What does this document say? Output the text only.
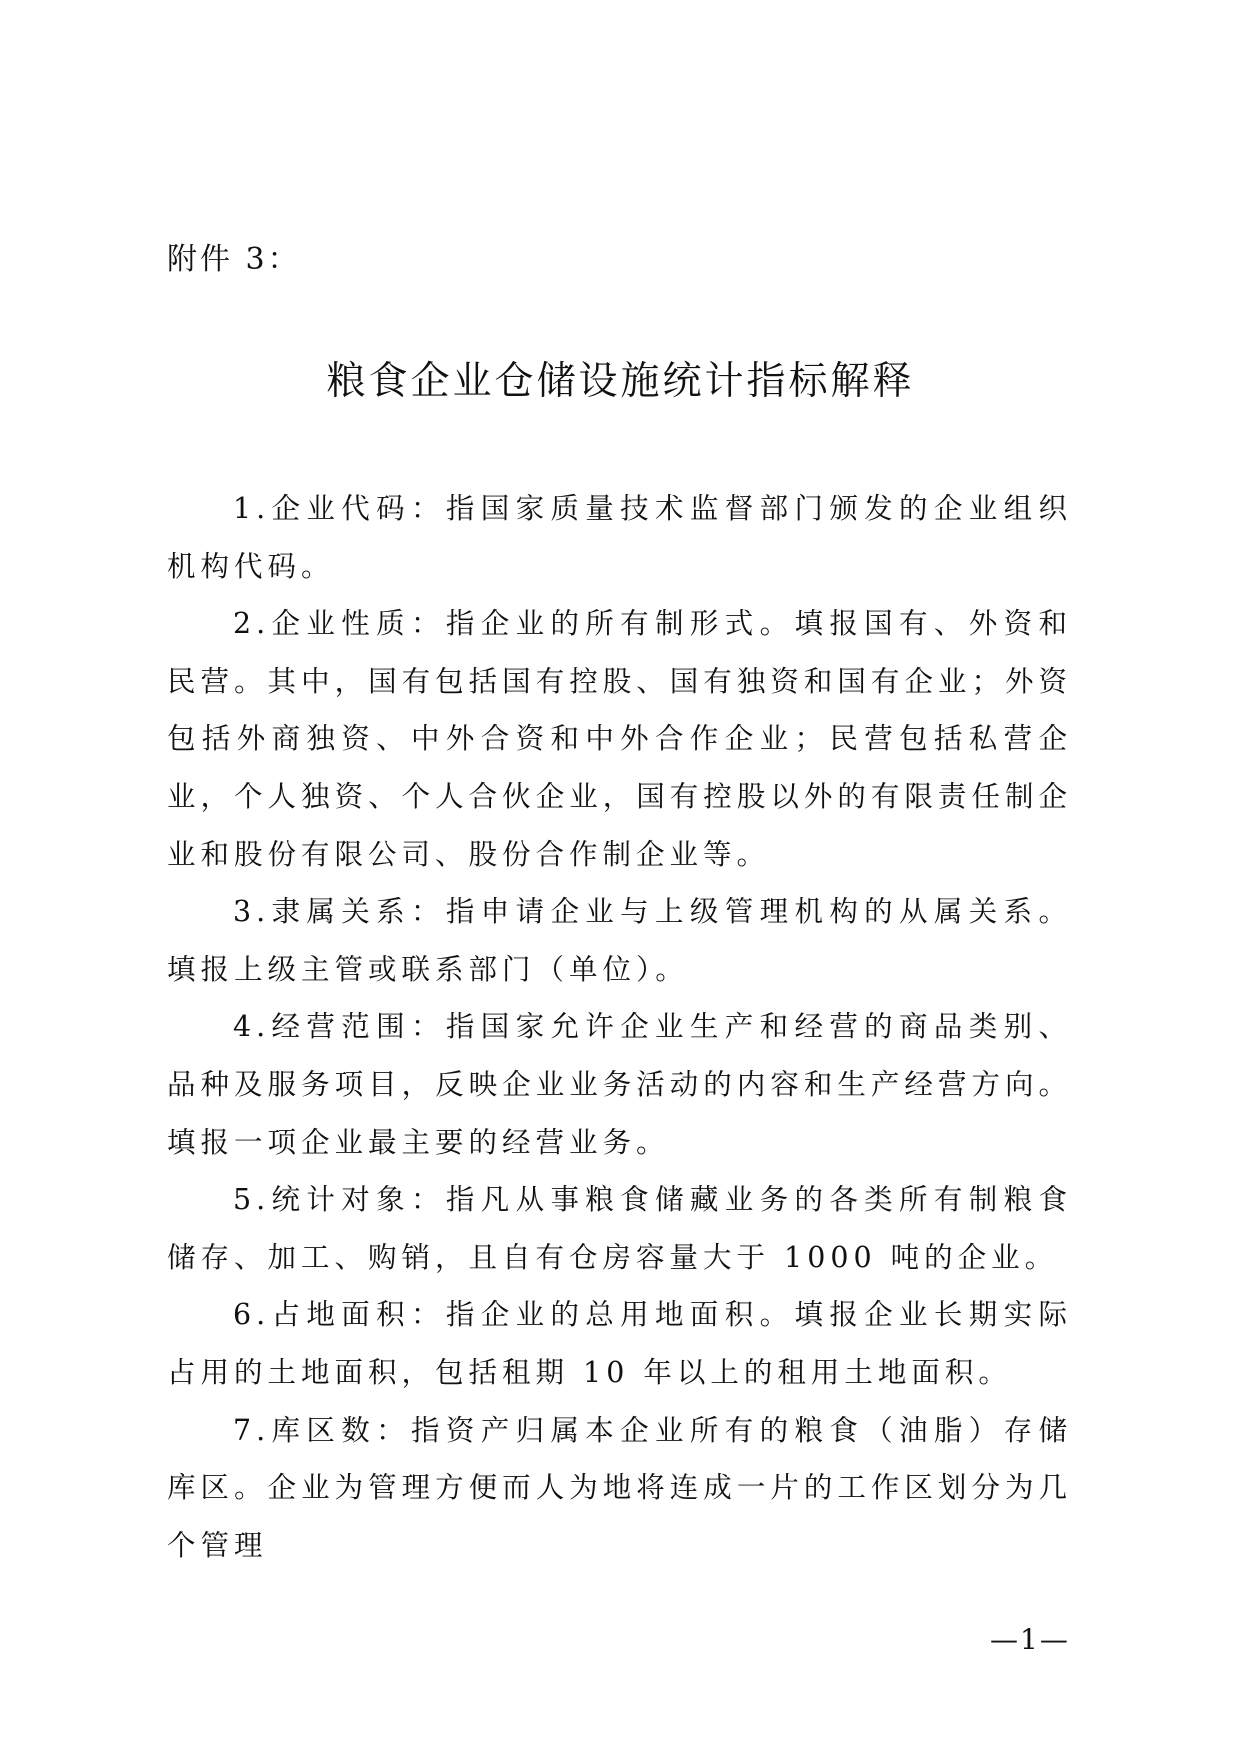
附件 3：
粮食企业仓储设施统计指标解释

1.企业代码：指国家质量技术监督部门颁发的企业组织机构代码。

2.企业性质：指企业的所有制形式。填报国有、外资和民营。其中，国有包括国有控股、国有独资和国有企业；外资包括外商独资、中外合资和中外合作企业；民营包括私营企业，个人独资、个人合伙企业，国有控股以外的有限责任制企业和股份有限公司、股份合作制企业等。

3.隶属关系：指申请企业与上级管理机构的从属关系。填报上级主管或联系部门（单位）。

4.经营范围：指国家允许企业生产和经营的商品类别、品种及服务项目，反映企业业务活动的内容和生产经营方向。填报一项企业最主要的经营业务。

5.统计对象：指凡从事粮食储藏业务的各类所有制粮食储存、加工、购销，且自有仓房容量大于 1000 吨的企业。

6.占地面积：指企业的总用地面积。填报企业长期实际占用的土地面积，包括租期 10 年以上的租用土地面积。

7.库区数：指资产归属本企业所有的粮食（油脂）存储库区。企业为管理方便而人为地将连成一片的工作区划分为几个管理

—1—
